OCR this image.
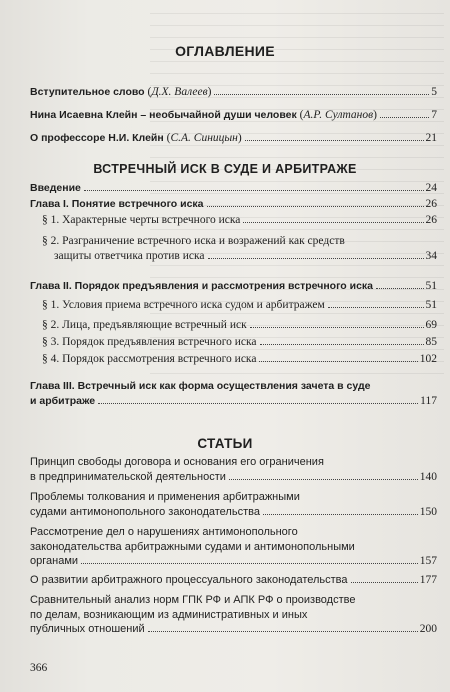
ОГЛАВЛЕНИЕ
Вступительное слово (Д.Х. Валеев)	5
Нина Исаевна Клейн – необычайной души человек (А.Р. Султанов)	7
О профессоре Н.И. Клейн (С.А. Синицын)	21
ВСТРЕЧНЫЙ ИСК В СУДЕ И АРБИТРАЖЕ
Введение	24
Глава I. Понятие встречного иска	26
§ 1. Характерные черты встречного иска	26
§ 2. Разграничение встречного иска и возражений как средств
защиты ответчика против иска	34
Глава II. Порядок предъявления и рассмотрения встречного иска	51
§ 1. Условия приема встречного иска судом и арбитражем	51
§ 2. Лица, предъявляющие встречный иск	69
§ 3. Порядок предъявления встречного иска	85
§ 4. Порядок рассмотрения встречного иска	102
Глава III. Встречный иск как форма осуществления зачета в суде
и арбитраже	117
СТАТЬИ
Принцип свободы договора и основания его ограничения
в предпринимательской деятельности	140
Проблемы толкования и применения арбитражными
судами антимонопольного законодательства	150
Рассмотрение дел о нарушениях антимонопольного
законодательства арбитражными судами и антимонопольными
органами	157
О развитии арбитражного процессуального законодательства	177
Сравнительный анализ норм ГПК РФ и АПК РФ о производстве
по делам, возникающим из административных и иных
публичных отношений	200
366
